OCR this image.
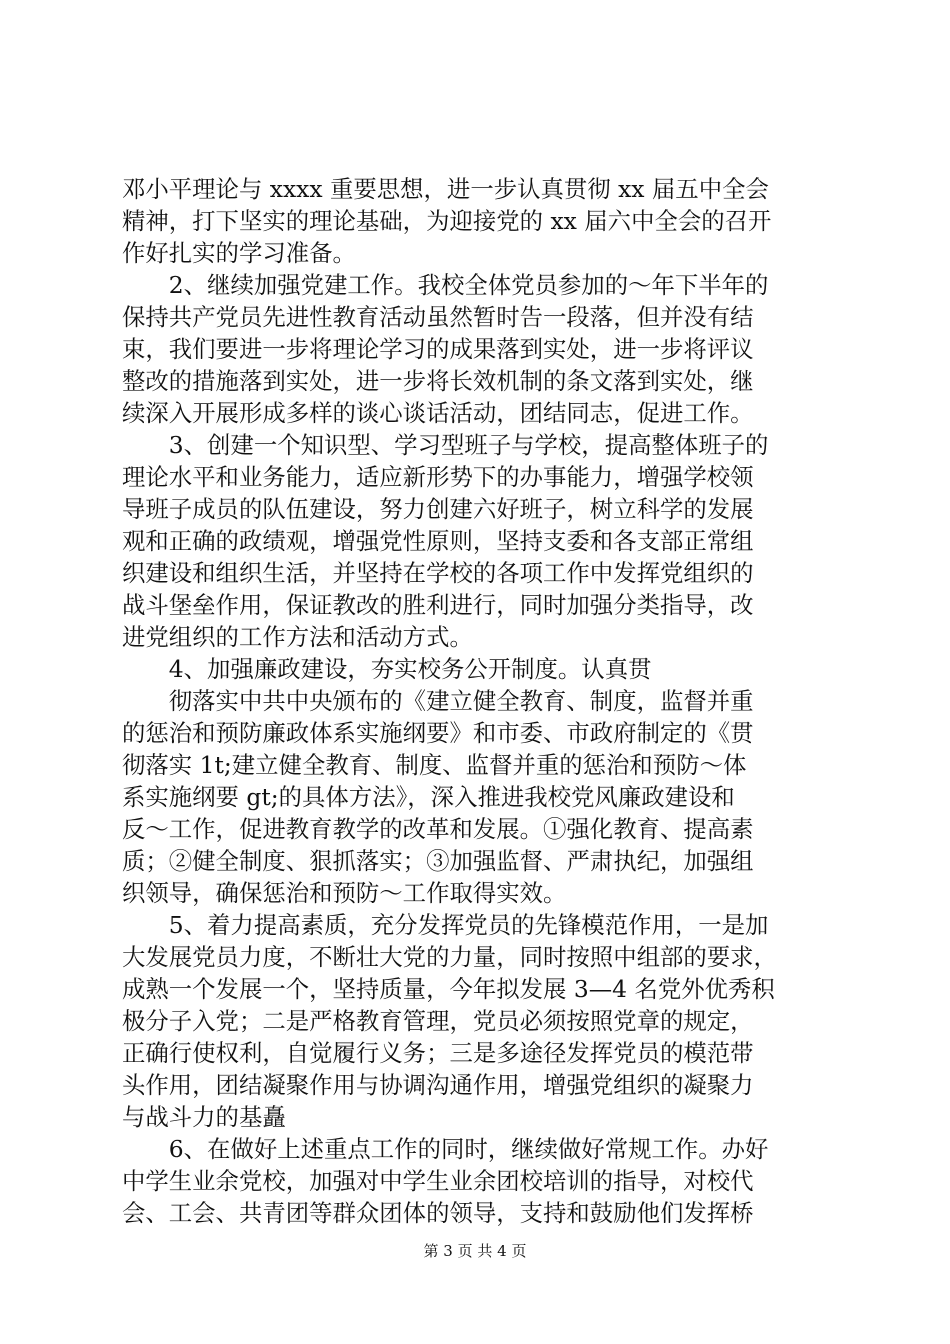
邓小平理论与 xxxx 重要思想，进一步认真贯彻 xx 届五中全会
精神，打下坚实的理论基础，为迎接党的 xx 届六中全会的召开
作好扎实的学习准备。
　　2、继续加强党建工作。我校全体党员参加的～年下半年的
保持共产党员先进性教育活动虽然暂时告一段落，但并没有结
束，我们要进一步将理论学习的成果落到实处，进一步将评议
整改的措施落到实处，进一步将长效机制的条文落到实处，继
续深入开展形成多样的谈心谈话活动，团结同志，促进工作。
　　3、创建一个知识型、学习型班子与学校，提高整体班子的
理论水平和业务能力，适应新形势下的办事能力，增强学校领
导班子成员的队伍建设，努力创建六好班子，树立科学的发展
观和正确的政绩观，增强党性原则，坚持支委和各支部正常组
织建设和组织生活，并坚持在学校的各项工作中发挥党组织的
战斗堡垒作用，保证教改的胜利进行，同时加强分类指导，改
进党组织的工作方法和活动方式。
　　4、加强廉政建设，夯实校务公开制度。认真贯
　　彻落实中共中央颁布的《建立健全教育、制度，监督并重
的惩治和预防廉政体系实施纲要》和市委、市政府制定的《贯
彻落实 1t;建立健全教育、制度、监督并重的惩治和预防～体
系实施纲要 gt;的具体方法》，深入推进我校党风廉政建设和
反～工作，促进教育教学的改革和发展。①强化教育、提高素
质；②健全制度、狠抓落实；③加强监督、严肃执纪，加强组
织领导，确保惩治和预防～工作取得实效。
　　5、着力提高素质，充分发挥党员的先锋模范作用，一是加
大发展党员力度，不断壮大党的力量，同时按照中组部的要求，
成熟一个发展一个，坚持质量，今年拟发展 3—4 名党外优秀积
极分子入党；二是严格教育管理，党员必须按照党章的规定，
正确行使权利，自觉履行义务；三是多途径发挥党员的模范带
头作用，团结凝聚作用与协调沟通作用，增强党组织的凝聚力
与战斗力的基矗
　　6、在做好上述重点工作的同时，继续做好常规工作。办好
中学生业余党校，加强对中学生业余团校培训的指导，对校代
会、工会、共青团等群众团体的领导，支持和鼓励他们发挥桥
第 3 页 共 4 页
